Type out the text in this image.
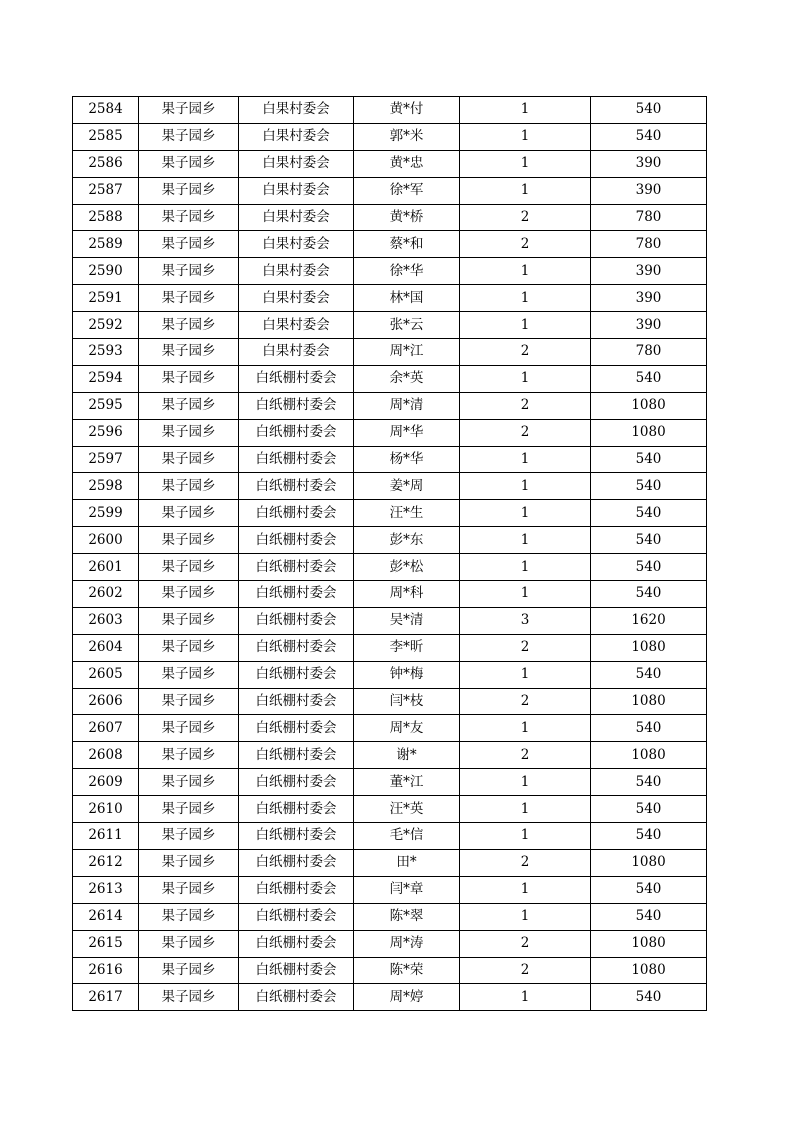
2584	果子园乡	白果村委会	黄*付	1	540
2585	果子园乡	白果村委会	郭*米	1	540
2586	果子园乡	白果村委会	黄*忠	1	390
2587	果子园乡	白果村委会	徐*军	1	390
2588	果子园乡	白果村委会	黄*桥	2	780
2589	果子园乡	白果村委会	蔡*和	2	780
2590	果子园乡	白果村委会	徐*华	1	390
2591	果子园乡	白果村委会	林*国	1	390
2592	果子园乡	白果村委会	张*云	1	390
2593	果子园乡	白果村委会	周*江	2	780
2594	果子园乡	白纸棚村委会	余*英	1	540
2595	果子园乡	白纸棚村委会	周*清	2	1080
2596	果子园乡	白纸棚村委会	周*华	2	1080
2597	果子园乡	白纸棚村委会	杨*华	1	540
2598	果子园乡	白纸棚村委会	姜*周	1	540
2599	果子园乡	白纸棚村委会	汪*生	1	540
2600	果子园乡	白纸棚村委会	彭*东	1	540
2601	果子园乡	白纸棚村委会	彭*松	1	540
2602	果子园乡	白纸棚村委会	周*科	1	540
2603	果子园乡	白纸棚村委会	吴*清	3	1620
2604	果子园乡	白纸棚村委会	李*昕	2	1080
2605	果子园乡	白纸棚村委会	钟*梅	1	540
2606	果子园乡	白纸棚村委会	闫*枝	2	1080
2607	果子园乡	白纸棚村委会	周*友	1	540
2608	果子园乡	白纸棚村委会	谢*	2	1080
2609	果子园乡	白纸棚村委会	董*江	1	540
2610	果子园乡	白纸棚村委会	汪*英	1	540
2611	果子园乡	白纸棚村委会	毛*信	1	540
2612	果子园乡	白纸棚村委会	田*	2	1080
2613	果子园乡	白纸棚村委会	闫*章	1	540
2614	果子园乡	白纸棚村委会	陈*翠	1	540
2615	果子园乡	白纸棚村委会	周*涛	2	1080
2616	果子园乡	白纸棚村委会	陈*荣	2	1080
2617	果子园乡	白纸棚村委会	周*婷	1	540
